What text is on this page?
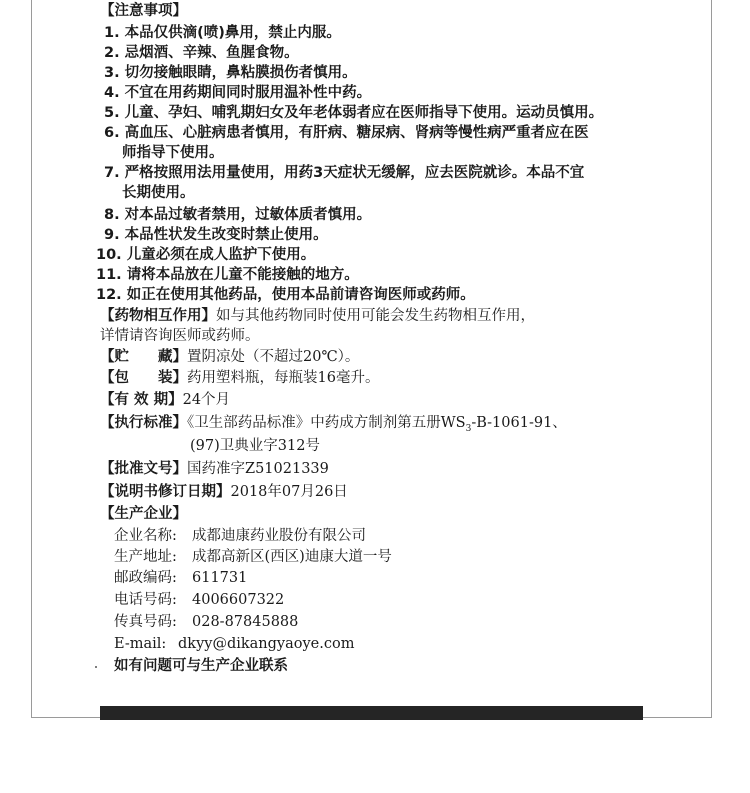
【注意事项】
1. 本品仅供滴(喷)鼻用，禁止内服。
2. 忌烟酒、辛辣、鱼腥食物。
3. 切勿接触眼睛，鼻粘膜损伤者慎用。
4. 不宜在用药期间同时服用温补性中药。
5. 儿童、孕妇、哺乳期妇女及年老体弱者应在医师指导下使用。运动员慎用。
6. 高血压、心脏病患者慎用，有肝病、糖尿病、肾病等慢性病严重者应在医
师指导下使用。
7. 严格按照用法用量使用，用药3天症状无缓解，应去医院就诊。本品不宜
长期使用。
8. 对本品过敏者禁用，过敏体质者慎用。
9. 本品性状发生改变时禁止使用。
10. 儿童必须在成人监护下使用。
11. 请将本品放在儿童不能接触的地方。
12. 如正在使用其他药品，使用本品前请咨询医师或药师。
【药物相互作用】如与其他药物同时使用可能会发生药物相互作用，
详情请咨询医师或药师。
【贮　　藏】置阴凉处（不超过20℃）。
【包　　装】药用塑料瓶，每瓶装16毫升。
【有 效 期】24个月
【执行标准】《卫生部药品标准》中药成方制剂第五册$WS_3-B-1061-91$、
(97)卫典业字312号
【批准文号】国药准字Z51021339
【说明书修订日期】2018年07月26日
【生产企业】
企业名称: 成都迪康药业股份有限公司
生产地址: 成都高新区(西区)迪康大道一号
邮政编码: 611731
电话号码: 4006607322
传真号码: 028-87845888
E-mail: dkyy@dikangyaoye.com
如有问题可与生产企业联系
